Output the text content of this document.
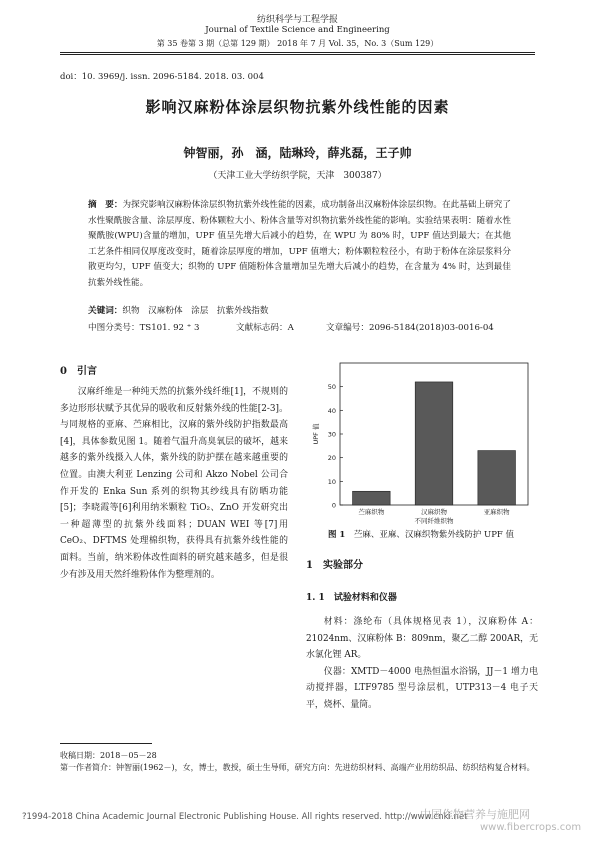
纺织科学与工程学报
Journal of Textile Science and Engineering
第 35 卷第 3 期（总第 129 期） 2018 年 7 月 Vol. 35，No. 3（Sum 129）
doi：10. 3969/j. issn. 2096-5184. 2018. 03. 004
影响汉麻粉体涂层织物抗紫外线性能的因素
钟智丽，孙　涵，陆琳玲，薛兆磊，王子帅
（天津工业大学纺织学院，天津　300387）
摘　要：为探究影响汉麻粉体涂层织物抗紫外线性能的因素，成功制备出汉麻粉体涂层织物。在此基础上研究了水性聚酰胺含量、涂层厚度、粉体颗粒大小、粉体含量等对织物抗紫外线性能的影响。实验结果表明：随着水性聚酰胺(WPU)含量的增加，UPF 值呈先增大后减小的趋势，在 WPU 为 80% 时，UPF 值达到最大；在其他工艺条件相同仅厚度改变时，随着涂层厚度的增加，UPF 值增大；粉体颗粒粒径小，有助于粉体在涂层浆料分散更均匀，UPF 值变大；织物的 UPF 值随粉体含量增加呈先增大后减小的趋势，在含量为 4% 时，达到最佳抗紫外线性能。
关键词：织物　汉麻粉体　涂层　抗紫外线指数
中图分类号：TS101. 92 ⁺ 3	文献标志码：A	文章编号：2096-5184(2018)03-0016-04
0　 引言

汉麻纤维是一种纯天然的抗紫外线纤维[1]，不规则的多边形形状赋予其优异的吸收和反射紫外线的性能[2-3]。与同规格的亚麻、苎麻相比，汉麻的紫外线防护指数最高[4]，具体参数见图 1。随着气温升高臭氧层的破坏，越来越多的紫外线摄入人体，紫外线的防护摆在越来越重要的位置。由澳大利亚 Lenzing 公司和 Akzo Nobel 公司合作开发的 Enka Sun 系列的织物其纱线具有防晒功能[5]；李晓霞等[6]利用纳米颗粒 TiO₂、ZnO 开发研究出一种超薄型的抗紫外线面料；DUAN WEI 等[7]用 CeO₂、DFTMS 处理棉织物，获得具有抗紫外线性能的面料。当前，纳米粉体改性面料的研究越来越多，但是很少有涉及用天然纤维粉体作为整理剂的。

0
10
20
30
40
50
UPF 值
苎麻织物	汉麻织物	亚麻织物
不同纤维织物
图 1　 苎麻、亚麻、汉麻织物紫外线防护 UPF 值
1　 实验部分
1. 1　 试验材料和仪器

材料：涤纶布（具体规格见表 1），汉麻粉体 A：21024nm、汉麻粉体 B：809nm，聚乙二醇 200AR，无水氯化锂 AR。

仪器：XMTD－4000 电热恒温水浴锅，JJ－1 增力电动搅拌器，LTF9785 型号涂层机，UTP313－4 电子天平，烧杯、量筒。

收稿日期：2018－05－28

第一作者简介：钟智丽(1962－)，女，博士，教授，硕士生导师，研究方向：先进纺织材料、高端产业用纺织品、纺织结构复合材料。

?1994-2018 China Academic Journal Electronic Publishing House. All rights reserved. http://www.cnki.net
中国作物营养与施肥网
www.fibercrops.com
